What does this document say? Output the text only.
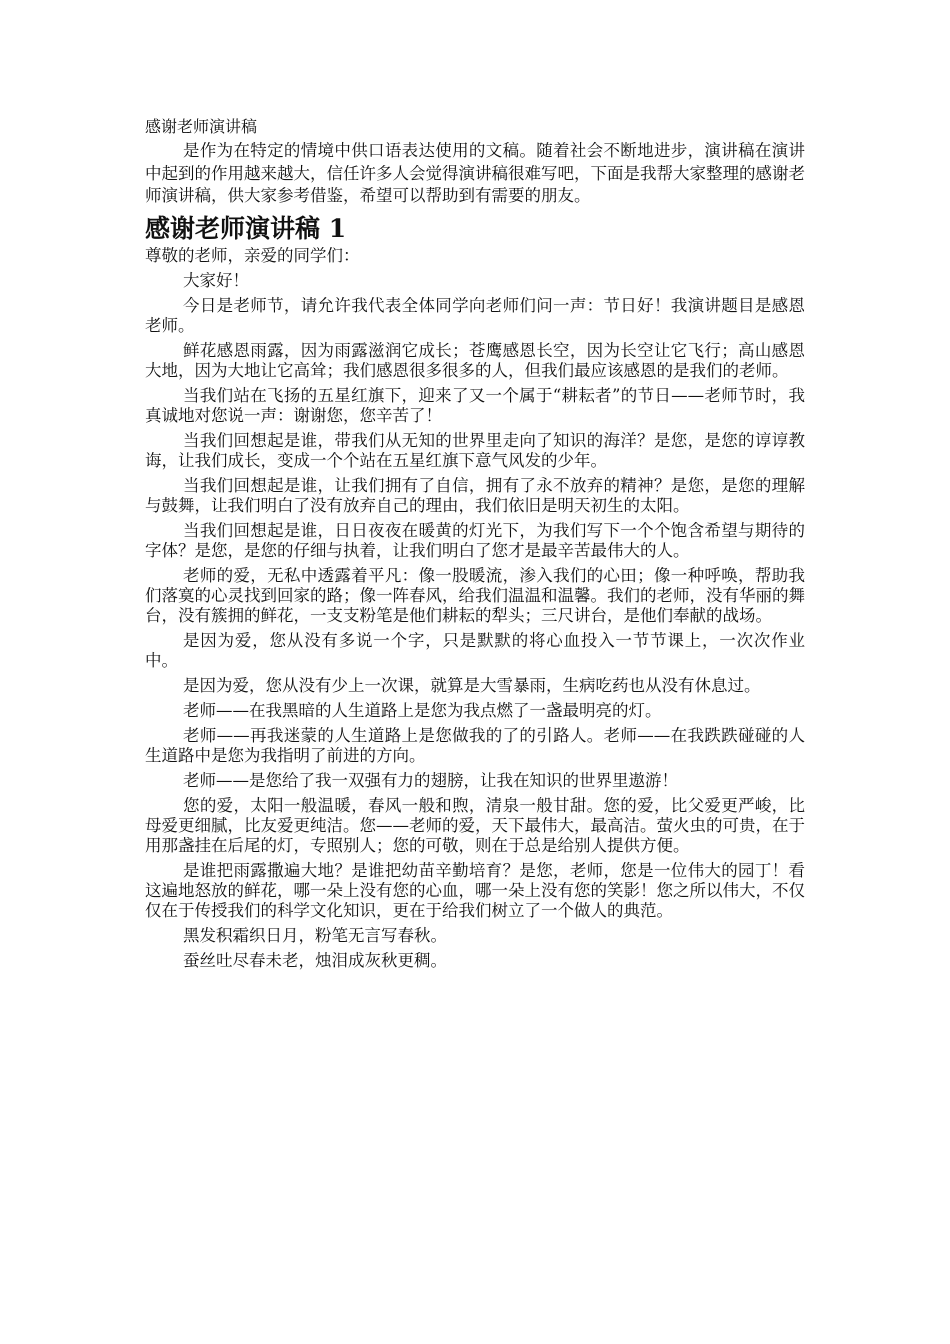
感谢老师演讲稿

是作为在特定的情境中供口语表达使用的文稿。随着社会不断地进步，演讲稿在演讲中起到的作用越来越大，信任许多人会觉得演讲稿很难写吧，下面是我帮大家整理的感谢老师演讲稿，供大家参考借鉴，希望可以帮助到有需要的朋友。

感谢老师演讲稿 1

尊敬的老师，亲爱的同学们：

大家好！

今日是老师节，请允许我代表全体同学向老师们问一声：节日好！我演讲题目是感恩老师。

鲜花感恩雨露，因为雨露滋润它成长；苍鹰感恩长空，因为长空让它飞行；高山感恩大地，因为大地让它高耸；我们感恩很多很多的人，但我们最应该感恩的是我们的老师。

当我们站在飞扬的五星红旗下，迎来了又一个属于“耕耘者”的节日——老师节时，我真诚地对您说一声：谢谢您，您辛苦了！

当我们回想起是谁，带我们从无知的世界里走向了知识的海洋？是您，是您的谆谆教诲，让我们成长，变成一个个站在五星红旗下意气风发的少年。

当我们回想起是谁，让我们拥有了自信，拥有了永不放弃的精神？是您，是您的理解与鼓舞，让我们明白了没有放弃自己的理由，我们依旧是明天初生的太阳。

当我们回想起是谁，日日夜夜在暖黄的灯光下，为我们写下一个个饱含希望与期待的字体？是您，是您的仔细与执着，让我们明白了您才是最辛苦最伟大的人。

老师的爱，无私中透露着平凡：像一股暖流，渗入我们的心田；像一种呼唤，帮助我们落寞的心灵找到回家的路；像一阵春风，给我们温温和温馨。我们的老师，没有华丽的舞台，没有簇拥的鲜花，一支支粉笔是他们耕耘的犁头；三尺讲台，是他们奉献的战场。

是因为爱，您从没有多说一个字，只是默默的将心血投入一节节课上，一次次作业中。

是因为爱，您从没有少上一次课，就算是大雪暴雨，生病吃药也从没有休息过。

老师——在我黑暗的人生道路上是您为我点燃了一盏最明亮的灯。

老师——再我迷蒙的人生道路上是您做我的了的引路人。老师——在我跌跌碰碰的人生道路中是您为我指明了前进的方向。

老师——是您给了我一双强有力的翅膀，让我在知识的世界里遨游！

您的爱，太阳一般温暖，春风一般和煦，清泉一般甘甜。您的爱，比父爱更严峻，比母爱更细腻，比友爱更纯洁。您——老师的爱，天下最伟大，最高洁。萤火虫的可贵，在于用那盏挂在后尾的灯，专照别人；您的可敬，则在于总是给别人提供方便。

是谁把雨露撒遍大地？是谁把幼苗辛勤培育？是您，老师，您是一位伟大的园丁！看这遍地怒放的鲜花，哪一朵上没有您的心血，哪一朵上没有您的笑影！您之所以伟大，不仅仅在于传授我们的科学文化知识，更在于给我们树立了一个做人的典范。

黑发积霜织日月，粉笔无言写春秋。

蚕丝吐尽春未老，烛泪成灰秋更稠。
